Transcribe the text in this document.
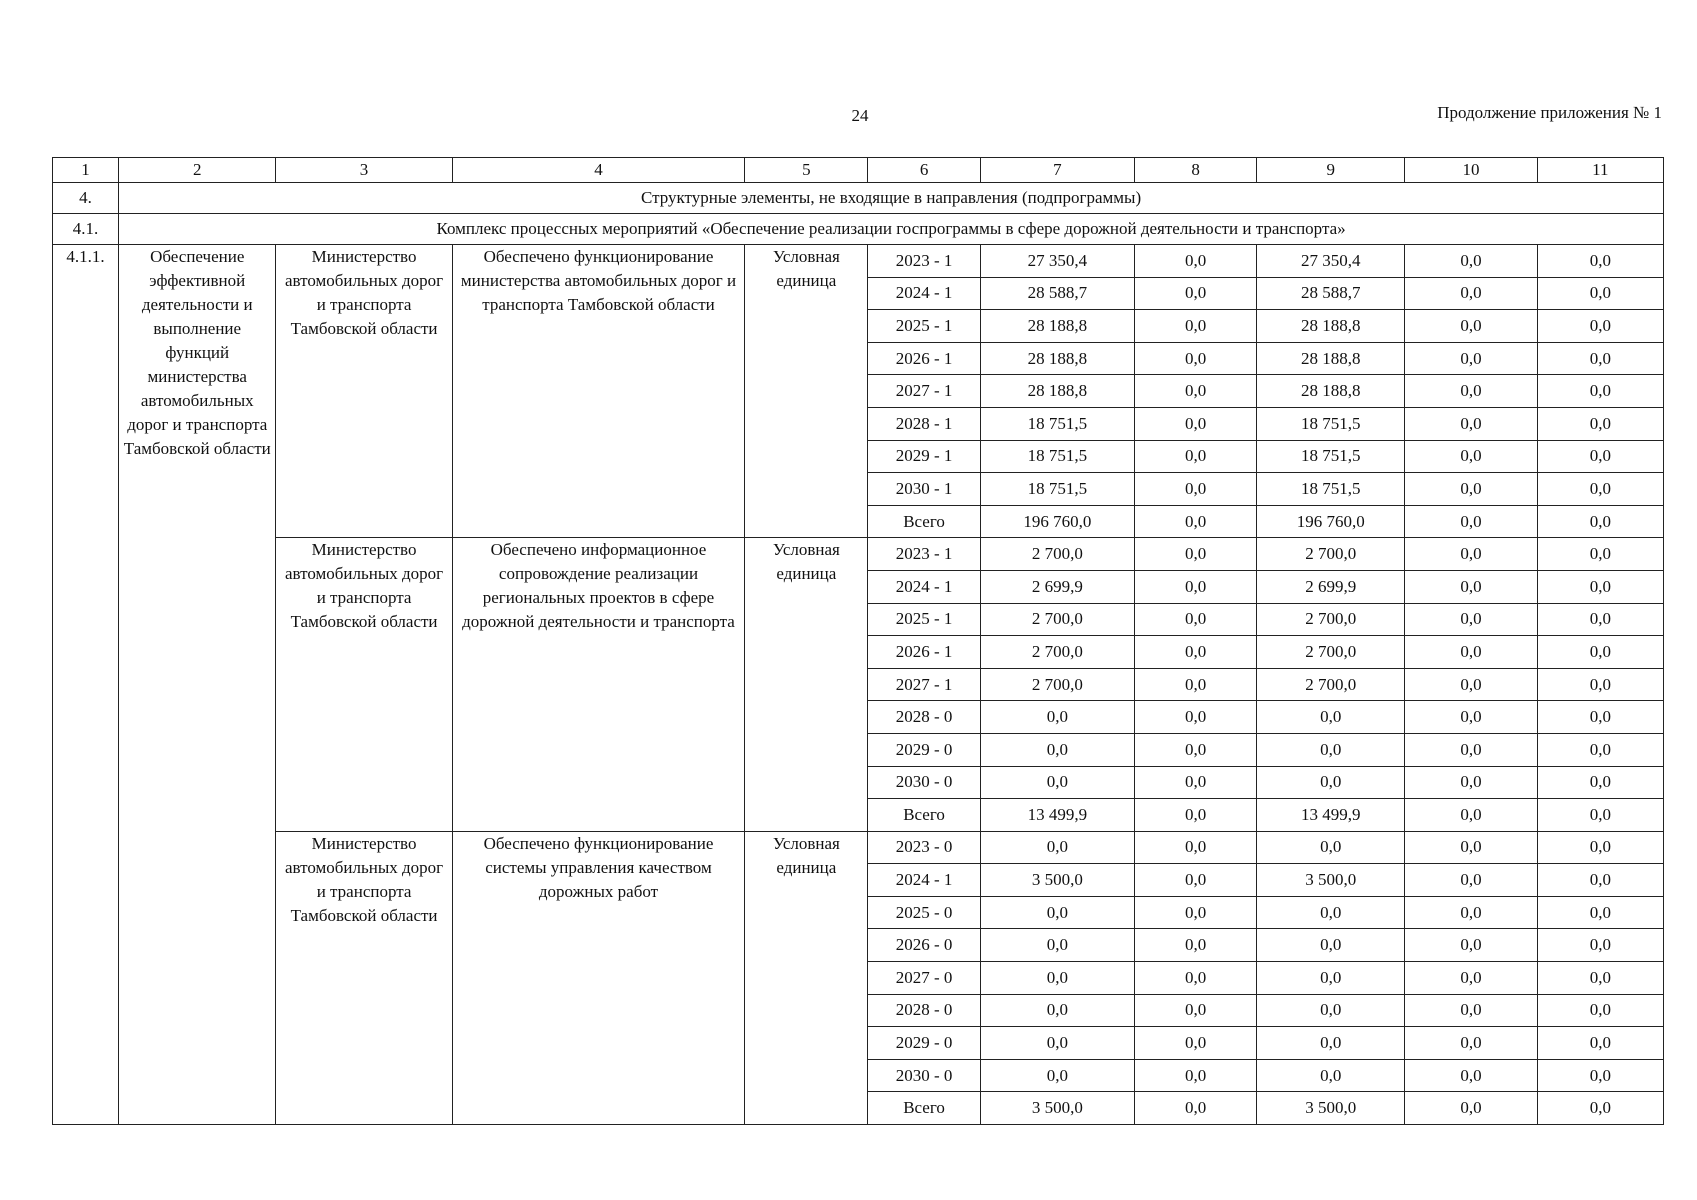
24	Продолжение приложения № 1
1	2	3	4	5	6	7	8	9	10	11
4.	Структурные элементы, не входящие в направления (подпрограммы)									
4.1.	Комплекс процессных мероприятий «Обеспечение реализации госпрограммы в сфере дорожной деятельности и транспорта»									
4.1.1.	Обеспечение эффективной деятельности и выполнение функций министерства автомобильных дорог и транспорта Тамбовской области	Министерство автомобильных дорог и транспорта Тамбовской области	Обеспечено функционирование министерства автомобильных дорог и транспорта Тамбовской области	Условная единица	2023 - 1	27 350,4	0,0	27 350,4	0,0	0,0
					2024 - 1	28 588,7	0,0	28 588,7	0,0	0,0
					2025 - 1	28 188,8	0,0	28 188,8	0,0	0,0
					2026 - 1	28 188,8	0,0	28 188,8	0,0	0,0
					2027 - 1	28 188,8	0,0	28 188,8	0,0	0,0
					2028 - 1	18 751,5	0,0	18 751,5	0,0	0,0
					2029 - 1	18 751,5	0,0	18 751,5	0,0	0,0
					2030 - 1	18 751,5	0,0	18 751,5	0,0	0,0
					Всего	196 760,0	0,0	196 760,0	0,0	0,0
		Министерство автомобильных дорог и транспорта Тамбовской области	Обеспечено информационное сопровождение реализации региональных проектов в сфере дорожной деятельности и транспорта	Условная единица	2023 - 1	2 700,0	0,0	2 700,0	0,0	0,0
					2024 - 1	2 699,9	0,0	2 699,9	0,0	0,0
					2025 - 1	2 700,0	0,0	2 700,0	0,0	0,0
					2026 - 1	2 700,0	0,0	2 700,0	0,0	0,0
					2027 - 1	2 700,0	0,0	2 700,0	0,0	0,0
					2028 - 0	0,0	0,0	0,0	0,0	0,0
					2029 - 0	0,0	0,0	0,0	0,0	0,0
					2030 - 0	0,0	0,0	0,0	0,0	0,0
					Всего	13 499,9	0,0	13 499,9	0,0	0,0
		Министерство автомобильных дорог и транспорта Тамбовской области	Обеспечено функционирование системы управления качеством дорожных работ	Условная единица	2023 - 0	0,0	0,0	0,0	0,0	0,0
					2024 - 1	3 500,0	0,0	3 500,0	0,0	0,0
					2025 - 0	0,0	0,0	0,0	0,0	0,0
					2026 - 0	0,0	0,0	0,0	0,0	0,0
					2027 - 0	0,0	0,0	0,0	0,0	0,0
					2028 - 0	0,0	0,0	0,0	0,0	0,0
					2029 - 0	0,0	0,0	0,0	0,0	0,0
					2030 - 0	0,0	0,0	0,0	0,0	0,0
					Всего	3 500,0	0,0	3 500,0	0,0	0,0
